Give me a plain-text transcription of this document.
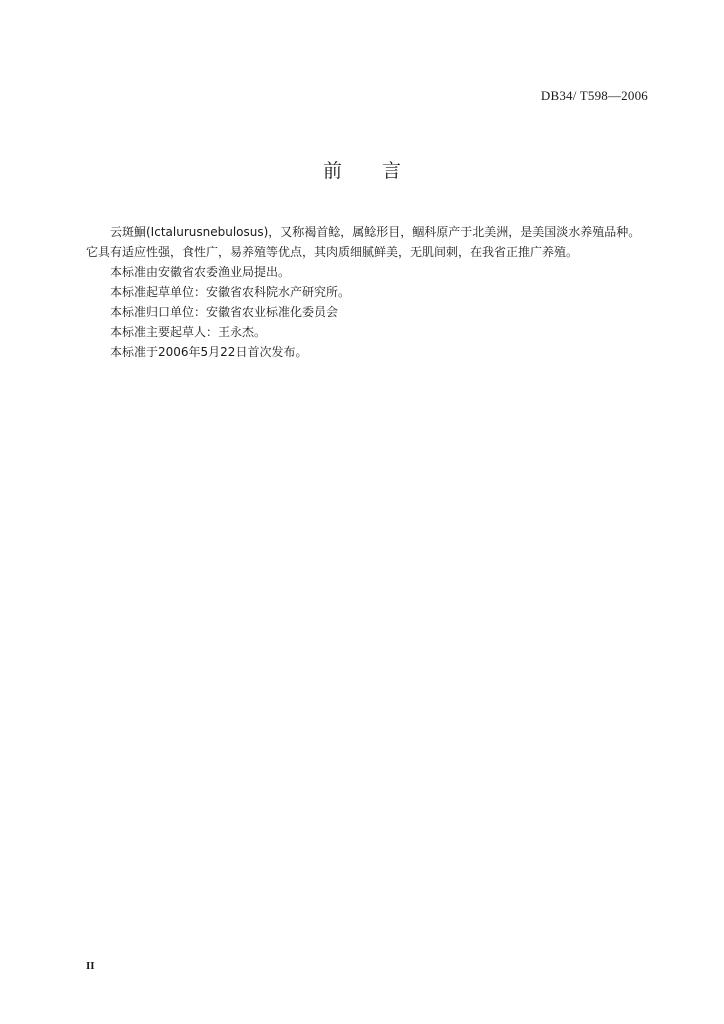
DB34/ T598—2006
前言

云斑鮰(Ictalurusnebulosus)，又称褐首鲶，属鲶形目，鲴科原产于北美洲，是美国淡水养殖品种。
它具有适应性强，食性广，易养殖等优点，其肉质细腻鲜美，无肌间刺，在我省正推广养殖。

本标准由安徽省农委渔业局提出。

本标准起草单位：安徽省农科院水产研究所。

本标准归口单位：安徽省农业标准化委员会

本标准主要起草人：王永杰。

本标准于2006年5月22日首次发布。

II
